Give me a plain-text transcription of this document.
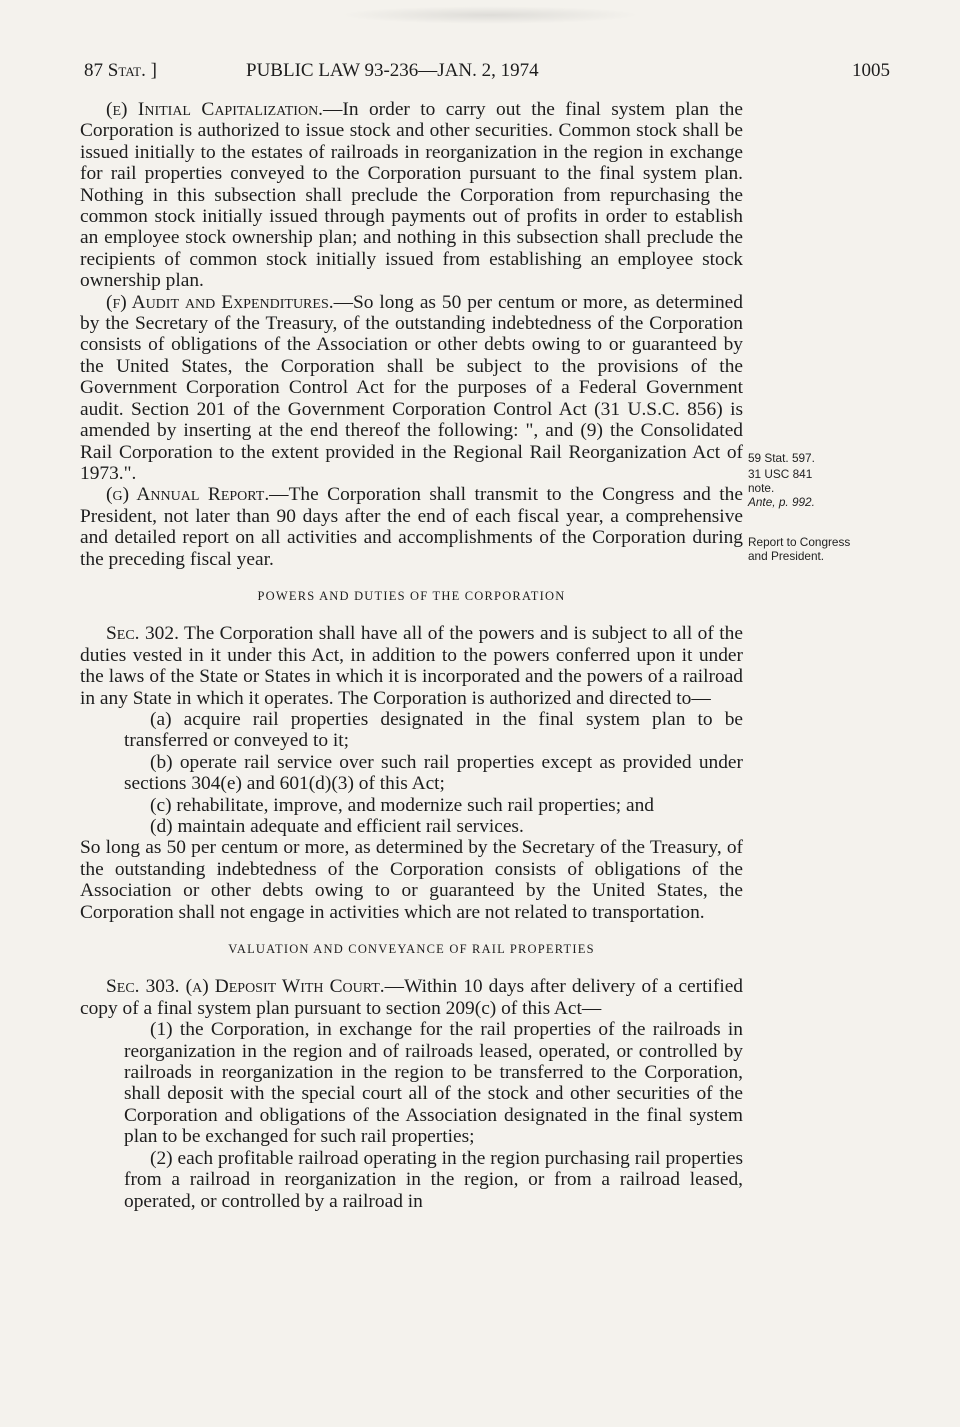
87 Stat. ]	PUBLIC LAW 93-236—JAN. 2, 1974	1005

(e) Initial Capitalization.—In order to carry out the final system plan the Corporation is authorized to issue stock and other securities. Common stock shall be issued initially to the estates of railroads in reorganization in the region in exchange for rail properties conveyed to the Corporation pursuant to the final system plan. Nothing in this subsection shall preclude the Corporation from repurchasing the common stock initially issued through payments out of profits in order to establish an employee stock ownership plan; and nothing in this subsection shall preclude the recipients of common stock initially issued from establishing an employee stock ownership plan.

(f) Audit and Expenditures.—So long as 50 per centum or more, as determined by the Secretary of the Treasury, of the outstanding indebtedness of the Corporation consists of obligations of the Association or other debts owing to or guaranteed by the United States, the Corporation shall be subject to the provisions of the Government Corporation Control Act for the purposes of a Federal Government audit. Section 201 of the Government Corporation Control Act (31 U.S.C. 856) is amended by inserting at the end thereof the following: ", and (9) the Consolidated Rail Corporation to the extent provided in the Regional Rail Reorganization Act of 1973.".

(g) Annual Report.—The Corporation shall transmit to the Congress and the President, not later than 90 days after the end of each fiscal year, a comprehensive and detailed report on all activities and accomplishments of the Corporation during the preceding fiscal year.

POWERS AND DUTIES OF THE CORPORATION

Sec. 302. The Corporation shall have all of the powers and is subject to all of the duties vested in it under this Act, in addition to the powers conferred upon it under the laws of the State or States in which it is incorporated and the powers of a railroad in any State in which it operates. The Corporation is authorized and directed to—

(a) acquire rail properties designated in the final system plan to be transferred or conveyed to it;

(b) operate rail service over such rail properties except as provided under sections 304(e) and 601(d)(3) of this Act;

(c) rehabilitate, improve, and modernize such rail properties; and

(d) maintain adequate and efficient rail services.

So long as 50 per centum or more, as determined by the Secretary of the Treasury, of the outstanding indebtedness of the Corporation consists of obligations of the Association or other debts owing to or guaranteed by the United States, the Corporation shall not engage in activities which are not related to transportation.

VALUATION AND CONVEYANCE OF RAIL PROPERTIES

Sec. 303. (a) Deposit With Court.—Within 10 days after delivery of a certified copy of a final system plan pursuant to section 209(c) of this Act—

(1) the Corporation, in exchange for the rail properties of the railroads in reorganization in the region and of railroads leased, operated, or controlled by railroads in reorganization in the region to be transferred to the Corporation, shall deposit with the special court all of the stock and other securities of the Corporation and obligations of the Association designated in the final system plan to be exchanged for such rail properties;

(2) each profitable railroad operating in the region purchasing rail properties from a railroad in reorganization in the region, or from a railroad leased, operated, or controlled by a railroad in

59 Stat. 597.
31 USC 841 note.
Ante, p. 992.
Report to Congress and President.
